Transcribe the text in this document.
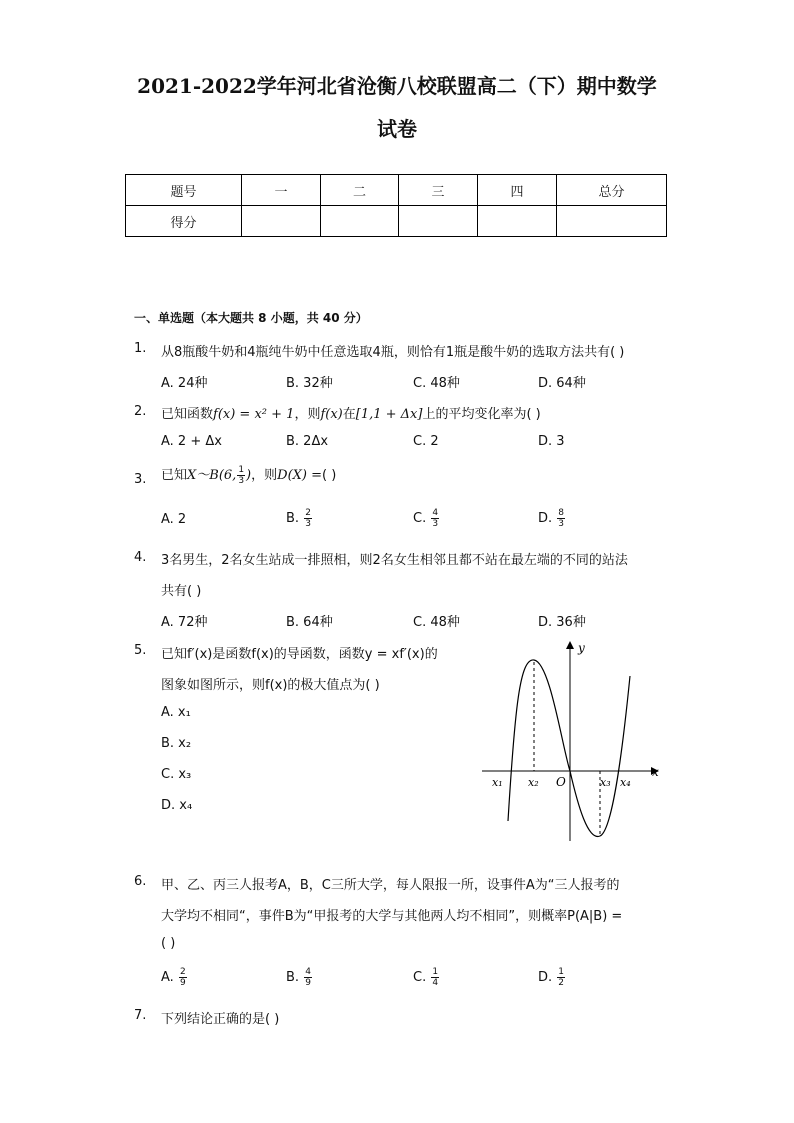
2021-2022学年河北省沧衡八校联盟高二（下）期中数学
试卷
题号	一	二	三	四	总分
得分					
一、单选题（本大题共 8 小题，共 40 分）
1. 从8瓶酸牛奶和4瓶纯牛奶中任意选取4瓶，则恰有1瓶是酸牛奶的选取方法共有( )
A. 24种	B. 32种	C. 48种	D. 64种
2. 已知函数f(x) = x² + 1，则f(x)在[1,1 + Δx]上的平均变化率为( )
A. 2 + Δx	B. 2Δx	C. 2	D. 3
3. 已知X～B(6, $\frac{1}{3}$ )，则D(X) =( )
A. 2	B. $\frac{2}{3}$	C. $\frac{4}{3}$	D. $\frac{8}{3}$
4. 3名男生，2名女生站成一排照相，则2名女生相邻且都不站在最左端的不同的站法
共有( )
A. 72种	B. 64种	C. 48种	D. 36种
5. 已知f′(x)是函数f(x)的导函数，函数y = xf′(x)的
图象如图所示，则f(x)的极大值点为( )
A. x₁
B. x₂
C. x₃
D. x₄
x
y
O
x₁ x₂	x₃ x₄
6. 甲、乙、丙三人报考A，B，C三所大学，每人限报一所，设事件A为“三人报考的
大学均不相同“，事件B为“甲报考的大学与其他两人均不相同”，则概率P(A|B) =
( )
A. $\frac{2}{9}$	B. $\frac{4}{9}$	C. $\frac{1}{4}$	D. $\frac{1}{2}$
7. 下列结论正确的是( )
